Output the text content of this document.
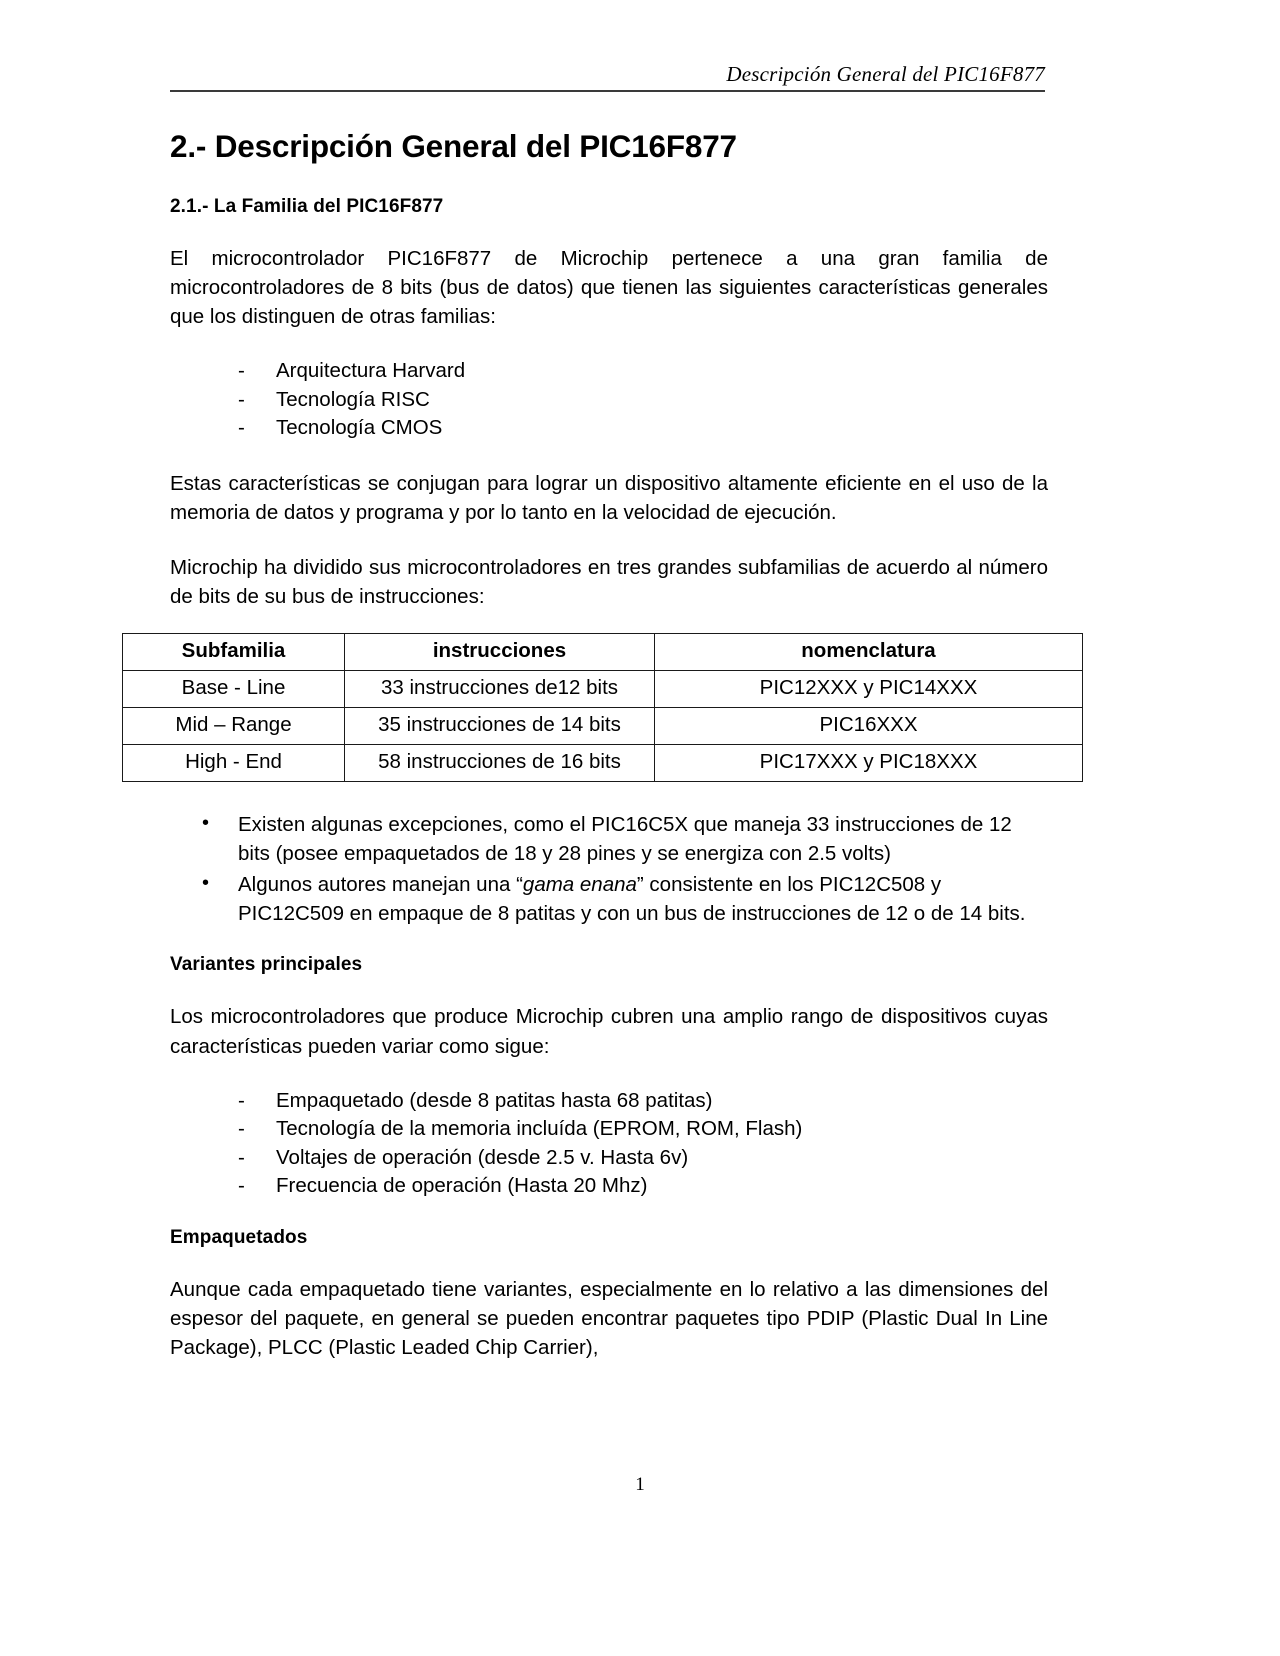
Descripción General del PIC16F877
2.- Descripción General del PIC16F877
2.1.- La Familia del PIC16F877

El microcontrolador PIC16F877 de Microchip pertenece a una gran familia de microcontroladores de 8 bits (bus de datos) que tienen las siguientes características generales que los distinguen de otras familias:

- Arquitectura Harvard
- Tecnología RISC
- Tecnología CMOS

Estas características se conjugan para lograr un dispositivo altamente eficiente en el uso de la memoria de datos y programa y por lo tanto en la velocidad de ejecución.

Microchip ha dividido sus microcontroladores en tres grandes subfamilias de acuerdo al número de bits de su bus de instrucciones:

Subfamilia	instrucciones	nomenclatura
Base - Line	33 instrucciones de12 bits	PIC12XXX y PIC14XXX
Mid – Range	35 instrucciones de 14 bits	PIC16XXX
High - End	58 instrucciones de 16 bits	PIC17XXX y PIC18XXX
• Existen algunas excepciones, como el PIC16C5X que maneja 33 instrucciones de 12 bits (posee empaquetados de 18 y 28 pines y se energiza con 2.5 volts)
• Algunos autores manejan una “gama enana” consistente en los PIC12C508 y PIC12C509 en empaque de 8 patitas y con un bus de instrucciones de 12 o de 14 bits.
Variantes principales

Los microcontroladores que produce Microchip cubren una amplio rango de dispositivos cuyas características pueden variar como sigue:

- Empaquetado (desde 8 patitas hasta 68 patitas)
- Tecnología de la memoria incluída (EPROM, ROM, Flash)
- Voltajes de operación (desde 2.5 v. Hasta 6v)
- Frecuencia de operación (Hasta 20 Mhz)
Empaquetados

Aunque cada empaquetado tiene variantes, especialmente en lo relativo a las dimensiones del espesor del paquete, en general se pueden encontrar paquetes tipo PDIP (Plastic Dual In Line Package), PLCC (Plastic Leaded Chip Carrier),

1
